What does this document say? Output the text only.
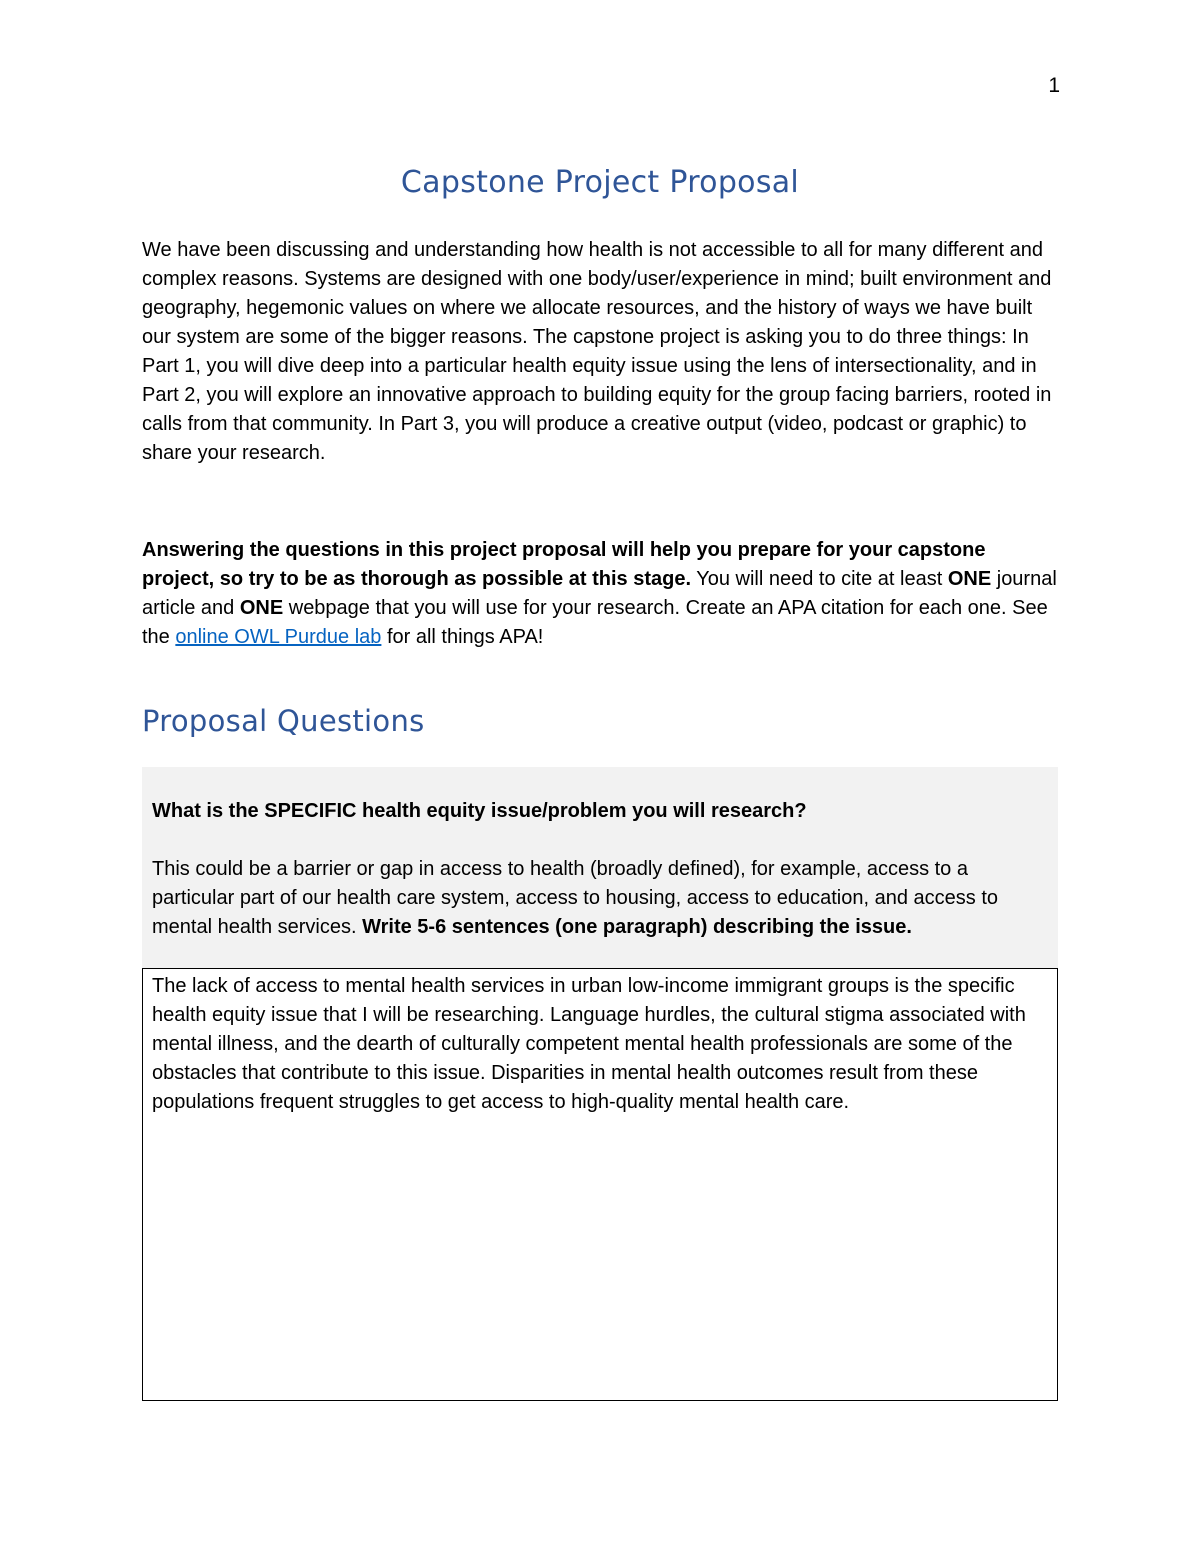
1
Capstone Project Proposal

We have been discussing and understanding how health is not accessible to all for many different and complex reasons. Systems are designed with one body/user/experience in mind; built environment and geography, hegemonic values on where we allocate resources, and the history of ways we have built our system are some of the bigger reasons. The capstone project is asking you to do three things: In Part 1, you will dive deep into a particular health equity issue using the lens of intersectionality, and in Part 2, you will explore an innovative approach to building equity for the group facing barriers, rooted in calls from that community. In Part 3, you will produce a creative output (video, podcast or graphic) to share your research.

Answering the questions in this project proposal will help you prepare for your capstone project, so try to be as thorough as possible at this stage. You will need to cite at least ONE journal article and ONE webpage that you will use for your research. Create an APA citation for each one. See the online OWL Purdue lab for all things APA!

Proposal Questions

What is the SPECIFIC health equity issue/problem you will research?

This could be a barrier or gap in access to health (broadly defined), for example, access to a particular part of our health care system, access to housing, access to education, and access to mental health services. Write 5-6 sentences (one paragraph) describing the issue.

The lack of access to mental health services in urban low-income immigrant groups is the specific health equity issue that I will be researching. Language hurdles, the cultural stigma associated with mental illness, and the dearth of culturally competent mental health professionals are some of the obstacles that contribute to this issue. Disparities in mental health outcomes result from these populations frequent struggles to get access to high-quality mental health care.
